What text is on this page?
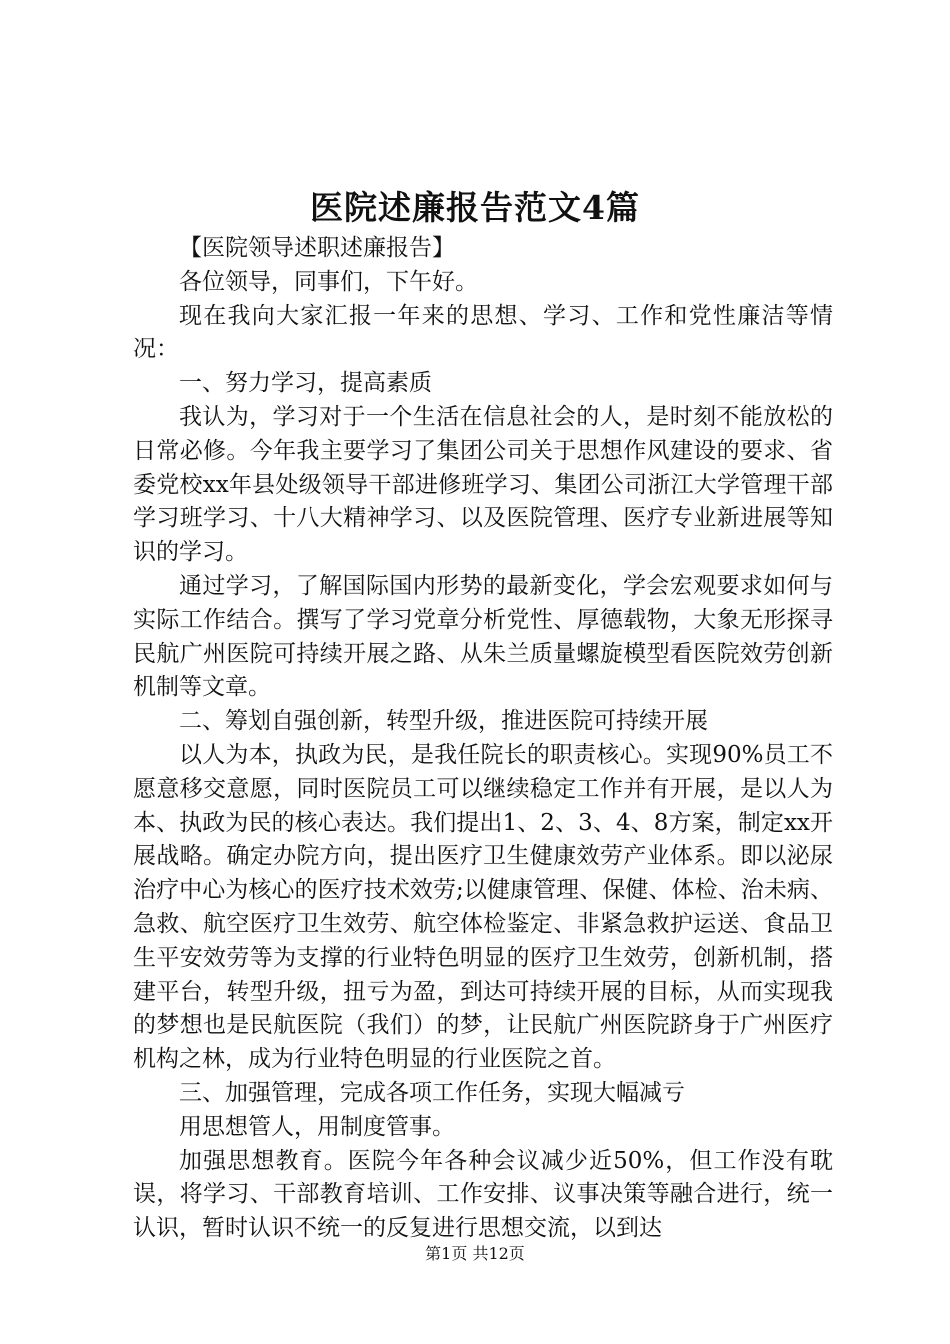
医院述廉报告范文4篇

【医院领导述职述廉报告】

各位领导，同事们，下午好。

现在我向大家汇报一年来的思想、学习、工作和党性廉洁等情况：

一、努力学习，提高素质

我认为，学习对于一个生活在信息社会的人，是时刻不能放松的日常必修。今年我主要学习了集团公司关于思想作风建设的要求、省委党校xx年县处级领导干部进修班学习、集团公司浙江大学管理干部学习班学习、十八大精神学习、以及医院管理、医疗专业新进展等知识的学习。

通过学习，了解国际国内形势的最新变化，学会宏观要求如何与实际工作结合。撰写了学习党章分析党性、厚德载物，大象无形探寻民航广州医院可持续开展之路、从朱兰质量螺旋模型看医院效劳创新机制等文章。

二、筹划自强创新，转型升级，推进医院可持续开展

以人为本，执政为民，是我任院长的职责核心。实现90%员工不愿意移交意愿，同时医院员工可以继续稳定工作并有开展，是以人为本、执政为民的核心表达。我们提出1、2、3、4、8方案，制定xx开展战略。确定办院方向，提出医疗卫生健康效劳产业体系。即以泌尿治疗中心为核心的医疗技术效劳;以健康管理、保健、体检、治未病、急救、航空医疗卫生效劳、航空体检鉴定、非紧急救护运送、食品卫生平安效劳等为支撑的行业特色明显的医疗卫生效劳，创新机制，搭建平台，转型升级，扭亏为盈，到达可持续开展的目标，从而实现我的梦想也是民航医院（我们）的梦，让民航广州医院跻身于广州医疗机构之林，成为行业特色明显的行业医院之首。

三、加强管理，完成各项工作任务，实现大幅减亏

用思想管人，用制度管事。

加强思想教育。医院今年各种会议减少近50%，但工作没有耽误，将学习、干部教育培训、工作安排、议事决策等融合进行，统一认识，暂时认识不统一的反复进行思想交流，以到达

第1页 共12页
